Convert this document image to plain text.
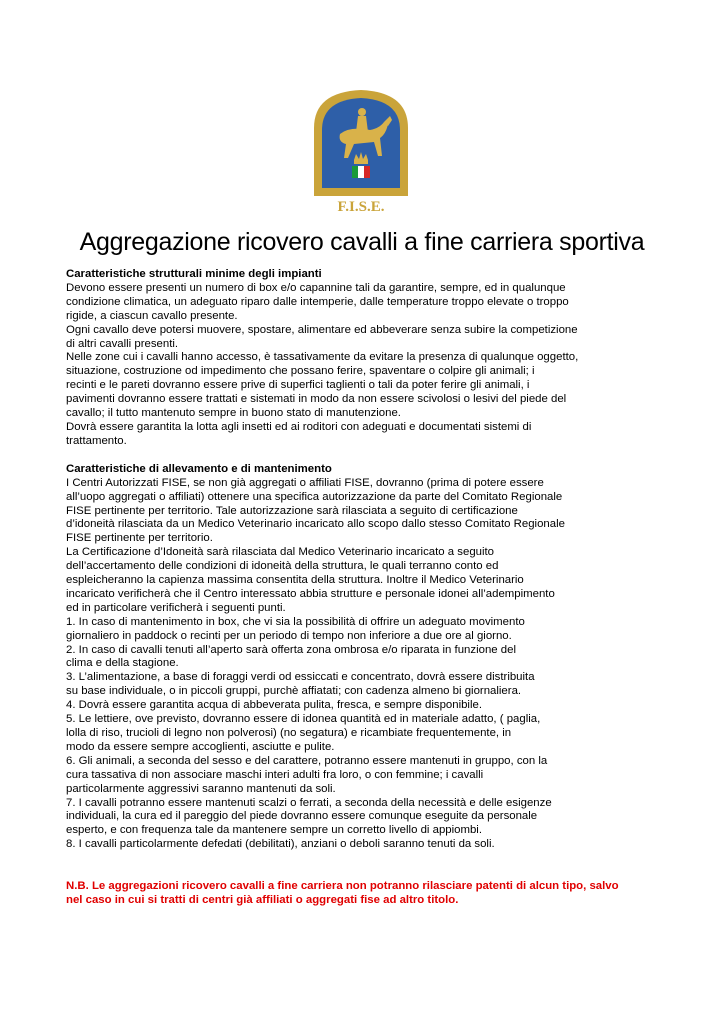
F.I.S.E.
Aggregazione ricovero cavalli a fine carriera sportiva

Caratteristiche strutturali minime degli impianti

Devono essere presenti un numero di box e/o capannine tali da garantire, sempre, ed in qualunque

condizione climatica, un adeguato riparo dalle intemperie, dalle temperature troppo elevate o troppo

rigide, a ciascun cavallo presente.

Ogni cavallo deve potersi muovere, spostare, alimentare ed abbeverare senza subire la competizione

di altri cavalli presenti.

Nelle zone cui i cavalli hanno accesso, è tassativamente da evitare la presenza di qualunque oggetto,

situazione, costruzione od impedimento che possano ferire, spaventare o colpire gli animali; i

recinti e le pareti dovranno essere prive di superfici taglienti o tali da poter ferire gli animali, i

pavimenti dovranno essere trattati e sistemati in modo da non essere scivolosi o lesivi del piede del

cavallo; il tutto mantenuto sempre in buono stato di manutenzione.

Dovrà essere garantita la lotta agli insetti ed ai roditori con adeguati e documentati sistemi di

trattamento.

Caratteristiche di allevamento e di mantenimento

I Centri Autorizzati FISE, se non già aggregati o affiliati FISE, dovranno (prima di potere essere

all’uopo aggregati o affiliati) ottenere una specifica autorizzazione da parte del Comitato Regionale

FISE pertinente per territorio. Tale autorizzazione sarà rilasciata a seguito di certificazione

d’idoneità rilasciata da un Medico Veterinario incaricato allo scopo dallo stesso Comitato Regionale

FISE pertinente per territorio.

La Certificazione d’Idoneità sarà rilasciata dal Medico Veterinario incaricato a seguito

dell’accertamento delle condizioni di idoneità della struttura, le quali terranno conto ed

espleicheranno la capienza massima consentita della struttura. Inoltre il Medico Veterinario

incaricato verificherà che il Centro interessato abbia strutture e personale idonei all’adempimento

ed in particolare verificherà i seguenti punti.

1. In caso di mantenimento in box, che vi sia la possibilità di offrire un adeguato movimento

giornaliero in paddock o recinti per un periodo di tempo non inferiore a due ore al giorno.

2. In caso di cavalli tenuti all’aperto sarà offerta zona ombrosa e/o riparata in funzione del

clima e della stagione.

3. L’alimentazione, a base di foraggi verdi od essiccati e concentrato, dovrà essere distribuita

su base individuale, o in piccoli gruppi, purchè affiatati; con cadenza almeno bi giornaliera.

4. Dovrà essere garantita acqua di abbeverata pulita, fresca, e sempre disponibile.

5. Le lettiere, ove previsto, dovranno essere di idonea quantità ed in materiale adatto, ( paglia,

lolla di riso, trucioli di legno non polverosi) (no segatura) e ricambiate frequentemente, in

modo da essere sempre accoglienti, asciutte e pulite.

6. Gli animali, a seconda del sesso e del carattere, potranno essere mantenuti in gruppo, con la

cura tassativa di non associare maschi interi adulti fra loro, o con femmine; i cavalli

particolarmente aggressivi saranno mantenuti da soli.

7. I cavalli potranno essere mantenuti scalzi o ferrati, a seconda della necessità e delle esigenze

individuali, la cura ed il pareggio del piede dovranno essere comunque eseguite da personale

esperto, e con frequenza tale da mantenere sempre un corretto livello di appiombi.

8. I cavalli particolarmente defedati (debilitati), anziani o deboli saranno tenuti da soli.

N.B. Le aggregazioni ricovero cavalli a fine carriera non potranno rilasciare patenti di alcun tipo, salvo

nel caso in cui si tratti di centri già affiliati o aggregati fise ad altro titolo.
